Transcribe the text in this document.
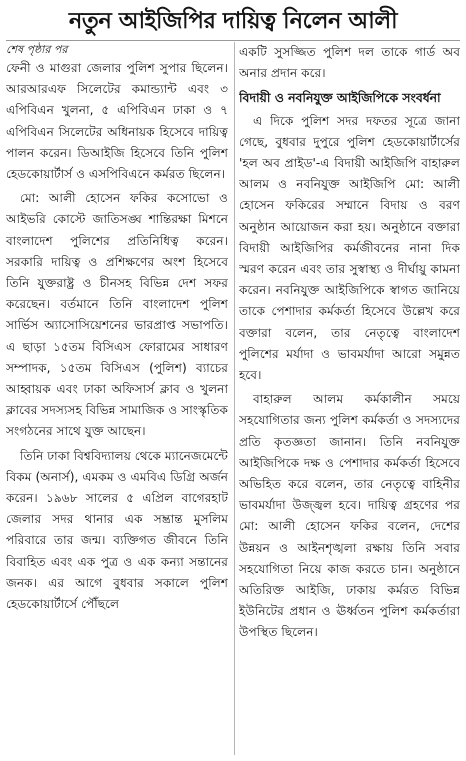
নতুন আইজিপির দায়িত্ব নিলেন আলী
শেষ পৃষ্ঠার পর

ফেনী ও মাগুরা জেলার পুলিশ সুপার ছিলেন। আরআরএফ সিলেটের কমান্ড্যান্ট এবং ৩ এপিবিএন খুলনা, ৫ এপিবিএন ঢাকা ও ৭ এপিবিএন সিলেটের অধিনায়ক হিসেবে দায়িত্ব পালন করেন। ডিআইজি হিসেবে তিনি পুলিশ হেডকোয়ার্টার্স ও এসপিবিএনে কর্মরত ছিলেন।

মো: আলী হোসেন ফকির কসোভো ও আইভরি কোস্টে জাতিসঙ্ঘ শান্তিরক্ষা মিশনে বাংলাদেশ পুলিশের প্রতিনিধিত্ব করেন। সরকারি দায়িত্ব ও প্রশিক্ষণের অংশ হিসেবে তিনি যুক্তরাষ্ট্র ও চীনসহ বিভিন্ন দেশ সফর করেছেন। বর্তমানে তিনি বাংলাদেশ পুলিশ সার্ভিস অ্যাসোসিয়েশনের ভারপ্রাপ্ত সভাপতি। এ ছাড়া ১৫তম বিসিএস ফোরামের সাধারণ সম্পাদক, ১৫তম বিসিএস (পুলিশ) ব্যাচের আহ্বায়ক এবং ঢাকা অফিসার্স ক্লাব ও খুলনা ক্লাবের সদস্যসহ বিভিন্ন সামাজিক ও সাংস্কৃতিক সংগঠনের সাথে যুক্ত আছেন।

তিনি ঢাকা বিশ্ববিদ্যালয় থেকে ম্যানেজমেন্টে বিকম (অনার্স), এমকম ও এমবিএ ডিগ্রি অর্জন করেন। ১৯৬৮ সালের ৫ এপ্রিল বাগেরহাট জেলার সদর থানার এক সম্ভ্রান্ত মুসলিম পরিবারে তার জন্ম। ব্যক্তিগত জীবনে তিনি বিবাহিত এবং এক পুত্র ও এক কন্যা সন্তানের জনক। এর আগে বুধবার সকালে পুলিশ হেডকোয়ার্টার্সে পৌঁছলে

একটি সুসজ্জিত পুলিশ দল তাকে গার্ড অব অনার প্রদান করে।

বিদায়ী ও নবনিযুক্ত আইজিপিকে সংবর্ধনা

এ দিকে পুলিশ সদর দফতর সূত্রে জানা গেছে, বুধবার দুপুরে পুলিশ হেডকোয়ার্টার্সের 'হল অব প্রাইড'-এ বিদায়ী আইজিপি বাহারুল আলম ও নবনিযুক্ত আইজিপি মো: আলী হোসেন ফকিরের সম্মানে বিদায় ও বরণ অনুষ্ঠান আয়োজন করা হয়। অনুষ্ঠানে বক্তারা বিদায়ী আইজিপির কর্মজীবনের নানা দিক স্মরণ করেন এবং তার সুস্বাস্থ্য ও দীর্ঘায়ু কামনা করেন। নবনিযুক্ত আইজিপিকে স্বাগত জানিয়ে তাকে পেশাদার কর্মকর্তা হিসেবে উল্লেখ করে বক্তারা বলেন, তার নেতৃত্বে বাংলাদেশ পুলিশের মর্যাদা ও ভাবমর্যাদা আরো সমুন্নত হবে।

বাহারুল আলম কর্মকালীন সময়ে সহযোগিতার জন্য পুলিশ কর্মকর্তা ও সদস্যদের প্রতি কৃতজ্ঞতা জানান। তিনি নবনিযুক্ত আইজিপিকে দক্ষ ও পেশাদার কর্মকর্তা হিসেবে অভিহিত করে বলেন, তার নেতৃত্বে বাহিনীর ভাবমর্যাদা উজ্জ্বল হবে। দায়িত্ব গ্রহণের পর মো: আলী হোসেন ফকির বলেন, দেশের উন্নয়ন ও আইনশৃঙ্খলা রক্ষায় তিনি সবার সহযোগিতা নিয়ে কাজ করতে চান। অনুষ্ঠানে অতিরিক্ত আইজি, ঢাকায় কর্মরত বিভিন্ন ইউনিটের প্রধান ও ঊর্ধ্বতন পুলিশ কর্মকর্তারা উপস্থিত ছিলেন।
